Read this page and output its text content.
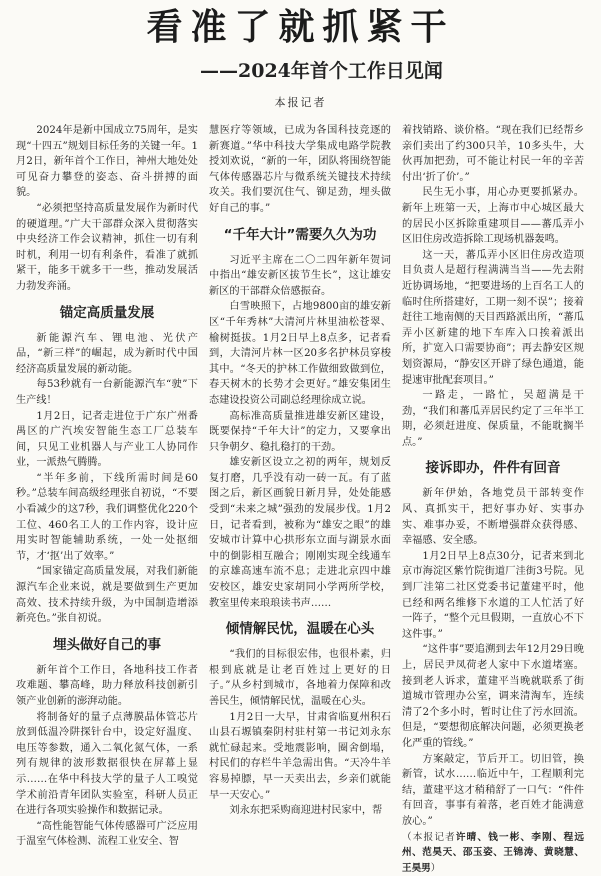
看准了就抓紧干
——2024年首个工作日见闻
本报记者

2024年是新中国成立75周年，是实现“十四五”规划目标任务的关键一年。1月2日，新年首个工作日，神州大地处处可见奋力攀登的姿态、奋斗拼搏的面貌。

“必须把坚持高质量发展作为新时代的硬道理。”广大干部群众深入贯彻落实中央经济工作会议精神，抓住一切有利时机，利用一切有利条件，看准了就抓紧干，能多干就多干一些，推动发展活力勃发奔涌。

锚定高质量发展

新能源汽车、锂电池、光伏产品，“新三样”的崛起，成为新时代中国经济高质量发展的新动能。

每53秒就有一台新能源汽车“驶”下生产线！

1月2日，记者走进位于广东广州番禺区的广汽埃安智能生态工厂总装车间，只见工业机器人与产业工人协同作业，一派热气腾腾。

“半年多前，下线所需时间是60秒。”总装车间高级经理张自初说，“不要小看减少的这7秒，我们调整优化220个工位、460名工人的工作内容，设计应用实时智能辅助系统，一处一处抠细节，才‘抠’出了效率。”

“国家锚定高质量发展，对我们新能源汽车企业来说，就是要做到生产更加高效、技术持续升级，为中国制造增添新亮色。”张自初说。

埋头做好自己的事

新年首个工作日，各地科技工作者攻难题、攀高峰，助力释放科技创新引领产业创新的澎湃动能。

将制备好的量子点薄膜晶体管芯片放到低温冷阱探针台中，设定好温度、电压等参数，通入二氧化氮气体，一系列有规律的波形数据很快在屏幕上显示……在华中科技大学的量子人工嗅觉学术前沿青年团队实验室，科研人员正在进行各项实验操作和数据记录。

“高性能智能气体传感器可广泛应用于温室气体检测、流程工业安全、智

慧医疗等领域，已成为各国科技竞逐的新赛道。”华中科技大学集成电路学院教授刘欢说，“新的一年，团队将围绕智能气体传感器芯片与微系统关键技术持续攻关。我们要沉住气、铆足劲，埋头做好自己的事。”

“千年大计”需要久久为功

习近平主席在二〇二四年新年贺词中指出“雄安新区拔节生长”，这让雄安新区的干部群众倍感振奋。

白雪映照下，占地9800亩的雄安新区“千年秀林”大清河片林里油松苍翠、榆树挺拔。1月2日早上8点多，记者看到，大清河片林一区20多名护林员穿梭其中。“冬天的护林工作做细致做到位，春天树木的长势才会更好。”雄安集团生态建设投资公司副总经理徐成立说。

高标准高质量推进雄安新区建设，既要保持“千年大计”的定力，又要拿出只争朝夕、稳扎稳打的干劲。

雄安新区设立之初的两年，规划反复打磨，几乎没有动一砖一瓦。有了蓝图之后，新区画貌日新月异，处处能感受到“未来之城”强劲的发展步伐。1月2日，记者看到，被称为“雄安之眼”的雄安城市计算中心拱形东立面与湖景水面中的倒影相互融合；刚刚实现全线通车的京雄高速车流不息；走进北京四中雄安校区，雄安史家胡同小学两所学校，教室里传来琅琅读书声……

倾情解民忧，温暖在心头

“我们的目标很宏伟，也很朴素，归根到底就是让老百姓过上更好的日子。”从乡村到城市，各地着力保障和改善民生，倾情解民忧，温暖在心头。

1月2日一大早，甘肃省临夏州积石山县石塬镇秦阴村驻村第一书记刘永东就忙碌起来。受地震影响，圈舍倒塌，村民们的存栏牛羊急需出售。“天冷牛羊容易掉膘，早一天卖出去，乡亲们就能早一天安心。”

刘永东把采购商迎进村民家中，帮

着找销路、谈价格。“现在我们已经帮乡亲们卖出了约300只羊，10多头牛，大伙再加把劲，可不能让村民一年的辛苦付出‘折了价’。”

民生无小事，用心办更要抓紧办。新年上班第一天，上海市中心城区最大的居民小区拆除重建项目——蕃瓜弄小区旧住房改造拆除工现场机器轰鸣。

这一天，蕃瓜弄小区旧住房改造项目负责人是超行程满满当当——先去附近协调场地，“把要进场的上百名工人的临时住所搭建好，工期一刻不误”；接着赶往工地南侧的天目西路派出所，“蕃瓜弄小区新建的地下车库入口挨着派出所，扩宽入口需要协商”；再去静安区规划资源局，“静安区开辟了绿色通道，能提速审批配套项目。”

一路走，一路忙，吴超满是干劲，“我们和蕃瓜弄居民约定了三年半工期，必须赶进度、保质量，不能耽搁半点。”

接诉即办，件件有回音

新年伊始，各地党员干部转变作风、真抓实干，把好事办好、实事办实、难事办妥，不断增强群众获得感、幸福感、安全感。

1月2日早上8点30分，记者来到北京市海淀区紫竹院街道厂洼街3号院。见到厂洼第二社区党委书记董建平时，他已经和两名维修下水道的工人忙活了好一阵子，“整个元旦假期，一直放心不下这件事。”

“这件事”要追溯到去年12月29日晚上，居民尹凤荷老人家中下水道堵塞。接到老人诉求，董建平当晚就联系了街道城市管理办公室，调来清淘车，连续清了2个多小时，暂时让住了污水回流。但是，“要想彻底解决问题，必须更换老化严重的管线。”

方案敲定，节后开工。切旧管，换新管，试水……临近中午，工程顺利完结，董建平这才稍稍舒了一口气：“件件有回音，事事有着落，老百姓才能满意放心。”

（本报记者许晴、钱一彬、李刚、程远州、范昊天、邵玉姿、王锦涛、黄晓慧、王昊男）
